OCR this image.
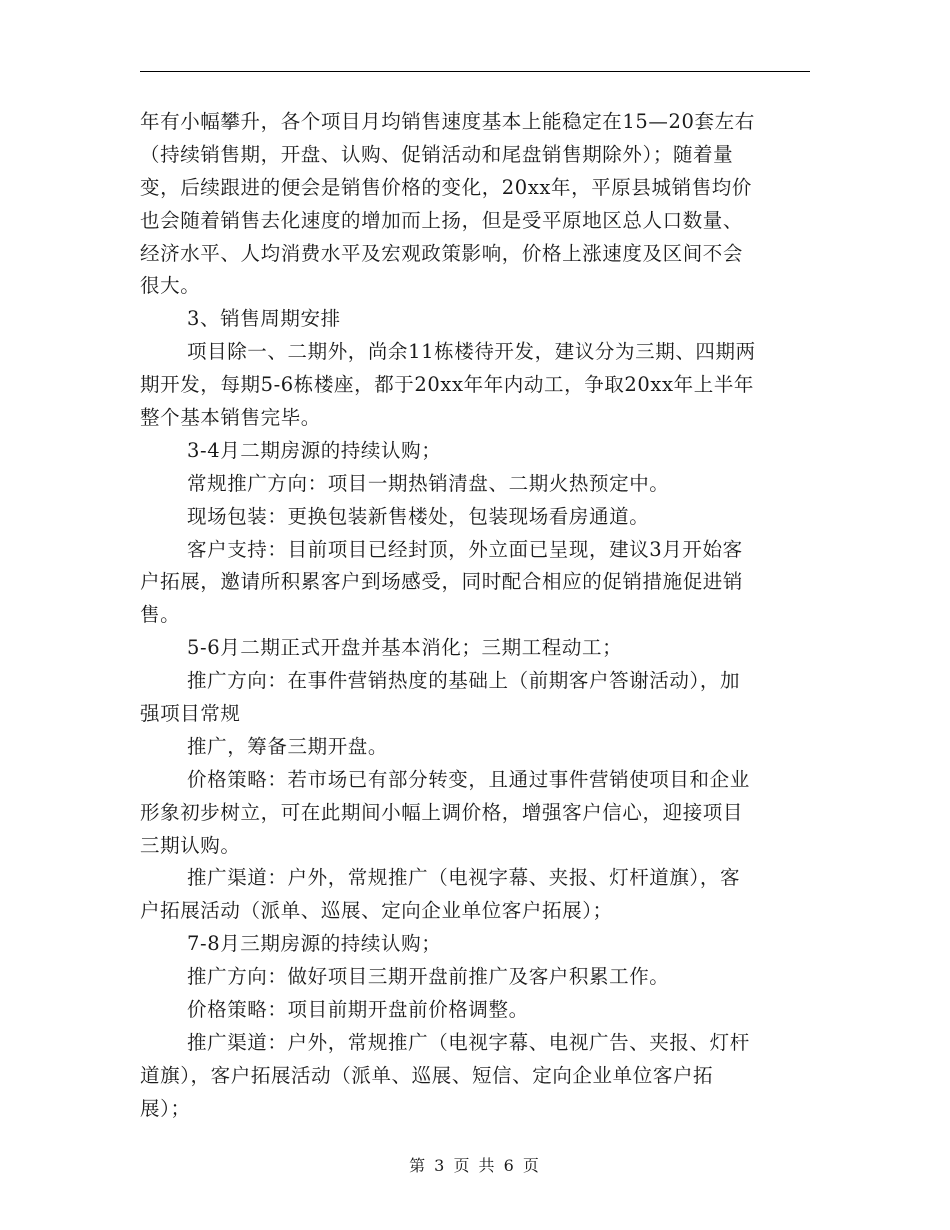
年有小幅攀升，各个项目月均销售速度基本上能稳定在15—20套左右
（持续销售期，开盘、认购、促销活动和尾盘销售期除外）；随着量
变，后续跟进的便会是销售价格的变化，20xx年，平原县城销售均价
也会随着销售去化速度的增加而上扬，但是受平原地区总人口数量、
经济水平、人均消费水平及宏观政策影响，价格上涨速度及区间不会
很大。
3、销售周期安排
项目除一、二期外，尚余11栋楼待开发，建议分为三期、四期两
期开发，每期5-6栋楼座，都于20xx年年内动工，争取20xx年上半年
整个基本销售完毕。
3-4月二期房源的持续认购；
常规推广方向：项目一期热销清盘、二期火热预定中。
现场包装：更换包装新售楼处，包装现场看房通道。
客户支持：目前项目已经封顶，外立面已呈现，建议3月开始客
户拓展，邀请所积累客户到场感受，同时配合相应的促销措施促进销
售。
5-6月二期正式开盘并基本消化；三期工程动工；
推广方向：在事件营销热度的基础上（前期客户答谢活动），加
强项目常规
推广，筹备三期开盘。
价格策略：若市场已有部分转变，且通过事件营销使项目和企业
形象初步树立，可在此期间小幅上调价格，增强客户信心，迎接项目
三期认购。
推广渠道：户外，常规推广（电视字幕、夹报、灯杆道旗），客
户拓展活动（派单、巡展、定向企业单位客户拓展）；
7-8月三期房源的持续认购；
推广方向：做好项目三期开盘前推广及客户积累工作。
价格策略：项目前期开盘前价格调整。
推广渠道：户外，常规推广（电视字幕、电视广告、夹报、灯杆
道旗），客户拓展活动（派单、巡展、短信、定向企业单位客户拓
展）；
第 3 页 共 6 页
